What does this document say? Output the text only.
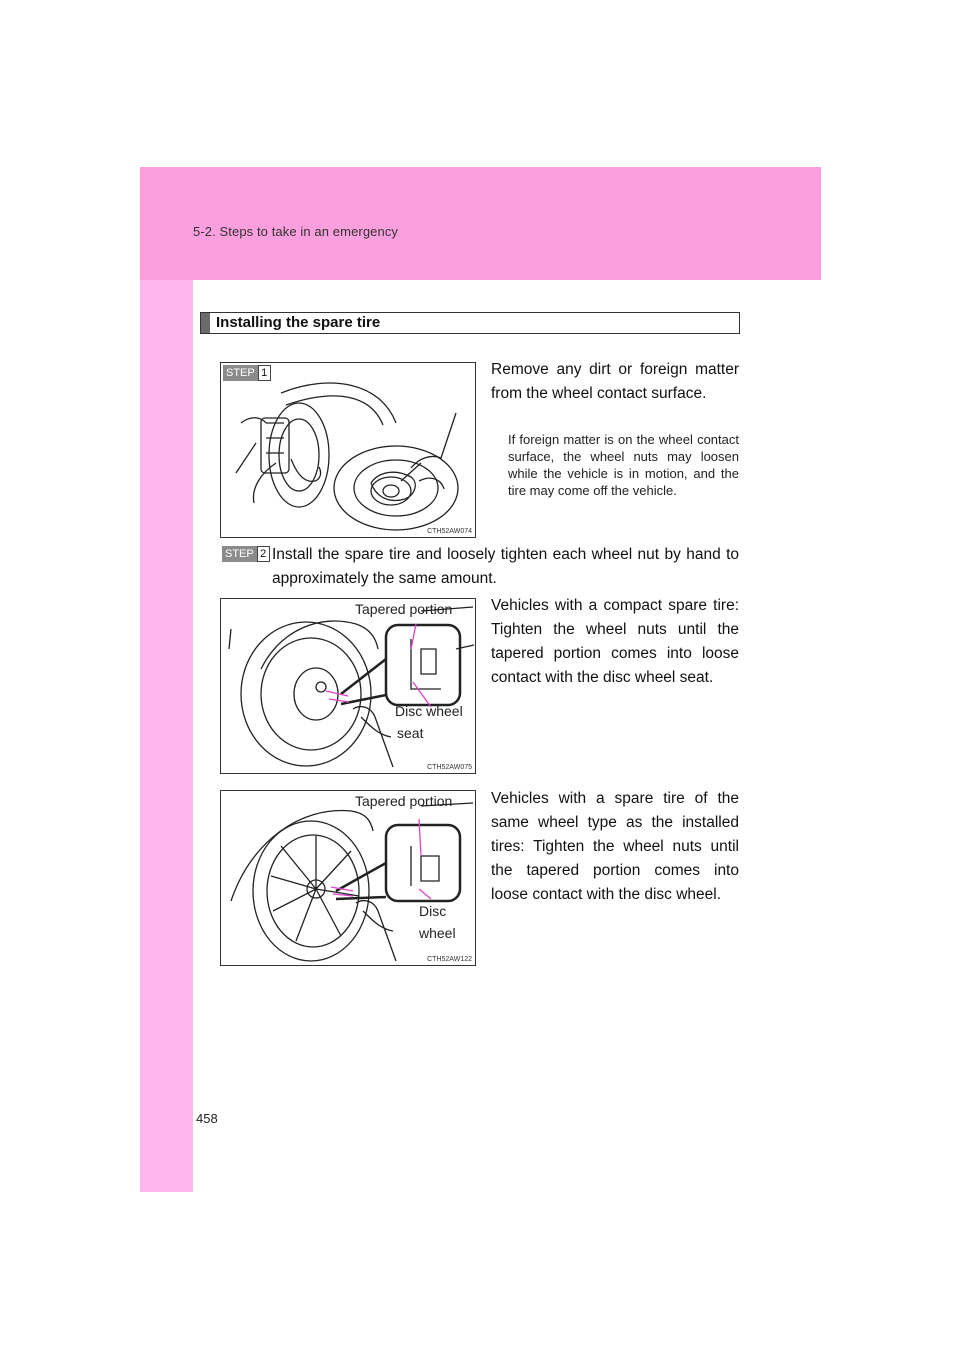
5-2. Steps to take in an emergency
Installing the spare tire
STEP 1
CTH52AW074
Remove any dirt or foreign matter from the wheel contact surface.
If foreign matter is on the wheel contact surface, the wheel nuts may loosen while the vehicle is in motion, and the tire may come off the vehicle.
STEP 2 Install the spare tire and loosely tighten each wheel nut by hand to approximately the same amount.
Tapered portion
Disc wheel
seat
CTH52AW075
Vehicles with a compact spare tire: Tighten the wheel nuts until the tapered portion comes into loose contact with the disc wheel seat.
Tapered portion
Disc
wheel
CTH52AW122
Vehicles with a spare tire of the same wheel type as the installed tires: Tighten the wheel nuts until the tapered portion comes into loose contact with the disc wheel.
458
